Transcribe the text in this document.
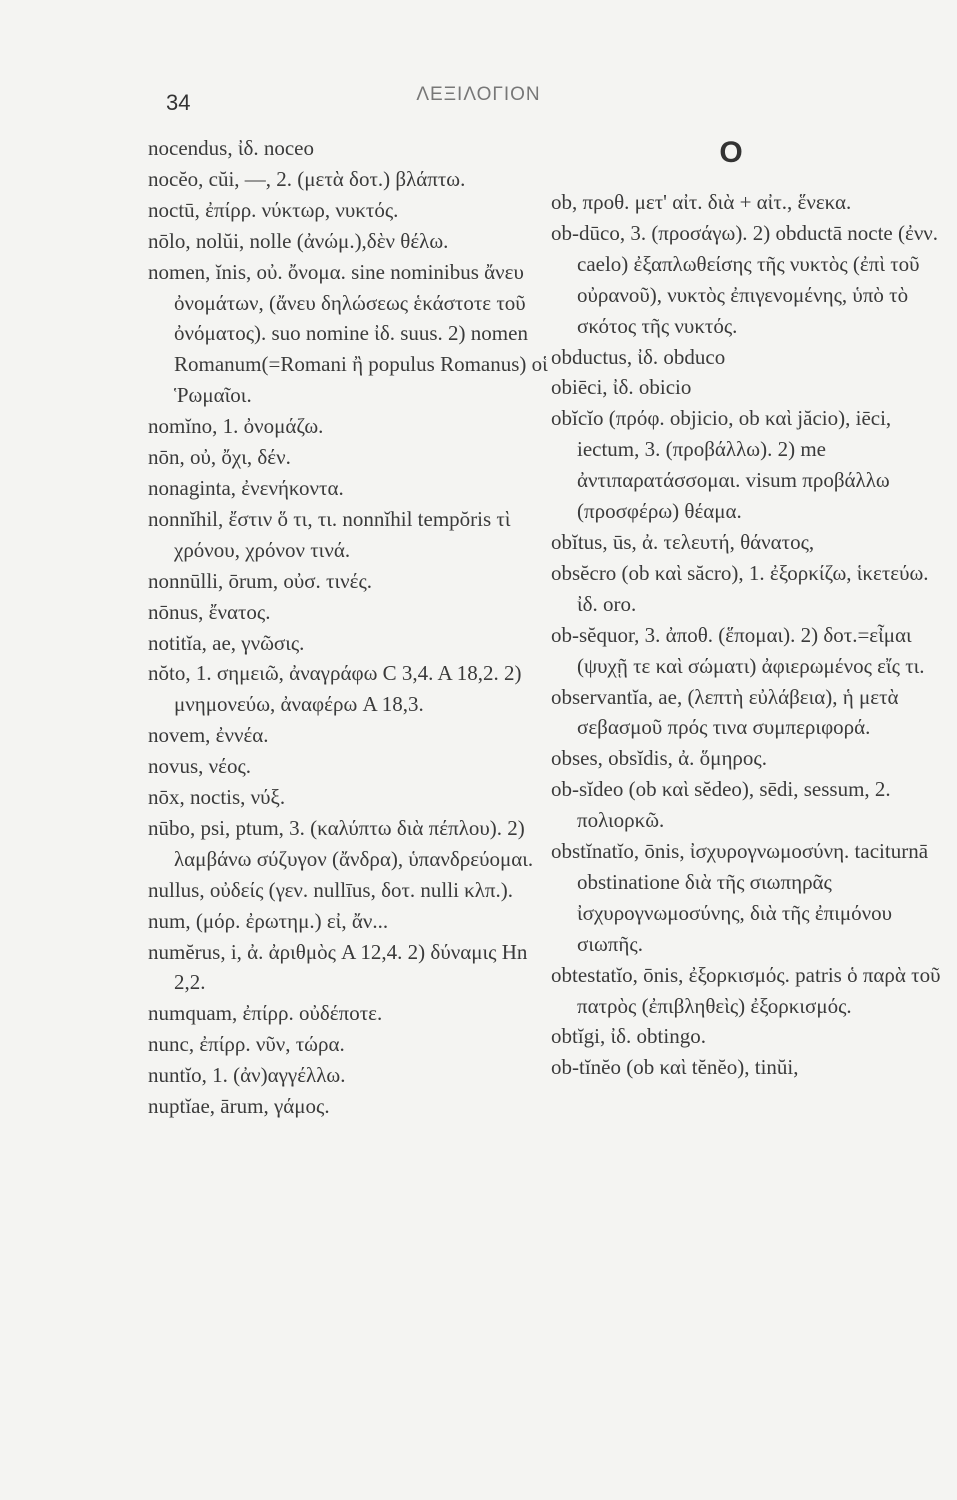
34	ΛΕΞΙΛΟΓΙΟΝ

nocendus, ἰδ. noceo

nocĕo, cŭi, —, 2. (μετὰ δοτ.) βλάπτω.

noctū, ἐπίρρ. νύκτωρ, νυκτός.

nōlo, nolŭi, nolle (ἀνώμ.),δὲν θέλω.

nomen, ĭnis, οὐ. ὄνομα. sine nominibus ἄνευ ὀνομάτων, (ἄνευ δηλώσεως ἑκάστοτε τοῦ ὀνόματος). suo nomine ἰδ. suus. 2) nomen Romanum(=Romani ἢ populus Romanus) οἱ Ῥωμαῖοι.

nomĭno, 1. ὀνομάζω.

nōn, οὐ, ὄχι, δέν.

nonaginta, ἐνενήκοντα.

nonnĭhil, ἔστιν ὅ τι, τι. nonnĭhil tempŏris τὶ χρόνου, χρόνον τινά.

nonnūlli, ōrum, οὐσ. τινές.

nōnus, ἔνατος.

notitĭa, ae, γνῶσις.

nŏto, 1. σημειῶ, ἀναγράφω C 3,4. A 18,2. 2) μνημονεύω, ἀναφέρω A 18,3.

novem, ἐννέα.

novus, νέος.

nōx, noctis, νύξ.

nūbo, psi, ptum, 3. (καλύπτω διὰ πέπλου). 2) λαμβάνω σύζυγον (ἄνδρα), ὑπανδρεύομαι.

nullus, οὐδείς (γεν. nullīus, δοτ. nulli κλπ.).

num, (μόρ. ἐρωτημ.) εἰ, ἄν...

numĕrus, i, ἀ. ἀριθμὸς A 12,4. 2) δύναμις Hn 2,2.

numquam, ἐπίρρ. οὐδέποτε.

nunc, ἐπίρρ. νῦν, τώρα.

nuntĭo, 1. (ἀν)αγγέλλω.

nuptĭae, ārum, γάμος.

O

ob, προθ. μετ' αἰτ. διὰ + αἰτ., ἕνεκα.

ob-dūco, 3. (προσάγω). 2) obductā nocte (ἐνν. caelo) ἐξαπλωθείσης τῆς νυκτὸς (ἐπὶ τοῦ οὐρανοῦ), νυκτὸς ἐπιγενομένης, ὑπὸ τὸ σκότος τῆς νυκτός.

obductus, ἰδ. obduco

obiēci, ἰδ. obicio

obĭcĭo (πρόφ. objicio, ob καὶ jăcio), iēci, iectum, 3. (προβάλλω). 2) me ἀντιπαρατάσσομαι. visum προβάλλω (προσφέρω) θέαμα.

obĭtus, ūs, ἀ. τελευτή, θάνατος,

obsĕcro (ob καὶ săcro), 1. ἐξορκίζω, ἱκετεύω. ἰδ. oro.

ob-sĕquor, 3. ἀποθ. (ἕπομαι). 2) δοτ.=εἶμαι (ψυχῇ τε καὶ σώματι) ἀφιερωμένος εἴς τι.

observantĭa, ae, (λεπτὴ εὐλάβεια), ἡ μετὰ σεβασμοῦ πρός τινα συμπεριφορά.

obses, obsĭdis, ἀ. ὅμηρος.

ob-sĭdeo (ob καὶ sĕdeo), sēdi, sessum, 2. πολιορκῶ.

obstĭnatĭo, ōnis, ἰσχυρογνωμοσύνη. taciturnā obstinatione διὰ τῆς σιωπηρᾶς ἰσχυρογνωμοσύνης, διὰ τῆς ἐπιμόνου σιωπῆς.

obtestatĭo, ōnis, ἐξορκισμός. patris ὁ παρὰ τοῦ πατρὸς (ἐπιβληθεὶς) ἐξορκισμός.

obtĭgi, ἰδ. obtingo.

ob-tĭnĕo (ob καὶ tĕnĕo), tinŭi,
